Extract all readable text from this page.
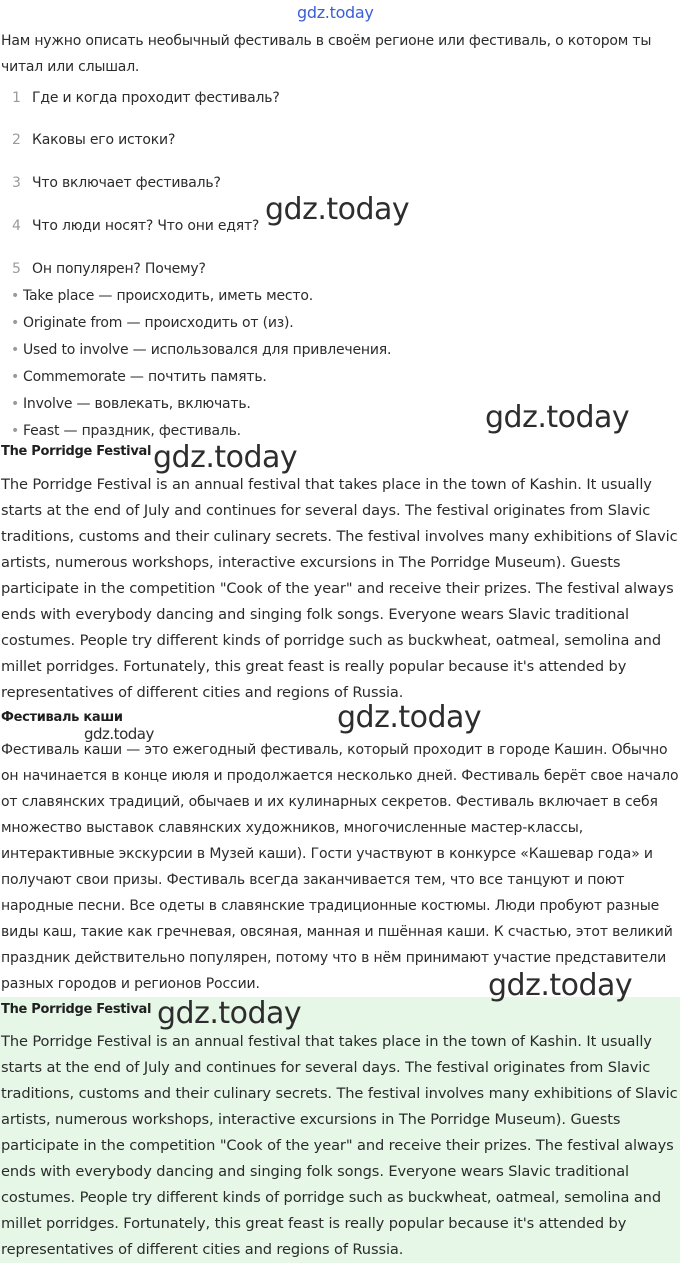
gdz.today
Нам нужно описать необычный фестиваль в своём регионе или фестиваль, о котором ты читал или слышал.
1 Где и когда проходит фестиваль?
2 Каковы его истоки?
3 Что включает фестиваль?
4 Что люди носят? Что они едят?
5 Он популярен? Почему?
• Take place — происходить, иметь место.
• Originate from — происходить от (из).
• Used to involve — использовался для привлечения.
• Commemorate — почтить память.
• Involve — вовлекать, включать.
• Feast — праздник, фестиваль.
The Porridge Festival
The Porridge Festival is an annual festival that takes place in the town of Kashin. It usually starts at the end of July and continues for several days. The festival originates from Slavic traditions, customs and their culinary secrets. The festival involves many exhibitions of Slavic artists, numerous workshops, interactive excursions in The Porridge Museum). Guests participate in the competition "Cook of the year" and receive their prizes. The festival always ends with everybody dancing and singing folk songs. Everyone wears Slavic traditional costumes. People try different kinds of porridge such as buckwheat, oatmeal, semolina and millet porridges. Fortunately, this great feast is really popular because it's attended by representatives of different cities and regions of Russia.
Фестиваль каши
Фестиваль каши — это ежегодный фестиваль, который проходит в городе Кашин. Обычно он начинается в конце июля и продолжается несколько дней. Фестиваль берёт свое начало от славянских традиций, обычаев и их кулинарных секретов. Фестиваль включает в себя множество выставок славянских художников, многочисленные мастер-классы, интерактивные экскурсии в Музей каши). Гости участвуют в конкурсе «Кашевар года» и получают свои призы. Фестиваль всегда заканчивается тем, что все танцуют и поют народные песни. Все одеты в славянские традиционные костюмы. Люди пробуют разные виды каш, такие как гречневая, овсяная, манная и пшённая каши. К счастью, этот великий праздник действительно популярен, потому что в нём принимают участие представители разных городов и регионов России.
The Porridge Festival
The Porridge Festival is an annual festival that takes place in the town of Kashin. It usually starts at the end of July and continues for several days. The festival originates from Slavic traditions, customs and their culinary secrets. The festival involves many exhibitions of Slavic artists, numerous workshops, interactive excursions in The Porridge Museum). Guests participate in the competition "Cook of the year" and receive their prizes. The festival always ends with everybody dancing and singing folk songs. Everyone wears Slavic traditional costumes. People try different kinds of porridge such as buckwheat, oatmeal, semolina and millet porridges. Fortunately, this great feast is really popular because it's attended by representatives of different cities and regions of Russia.
gdz.today
gdz.today
gdz.today
gdz.today
gdz.today
gdz.today
gdz.today
